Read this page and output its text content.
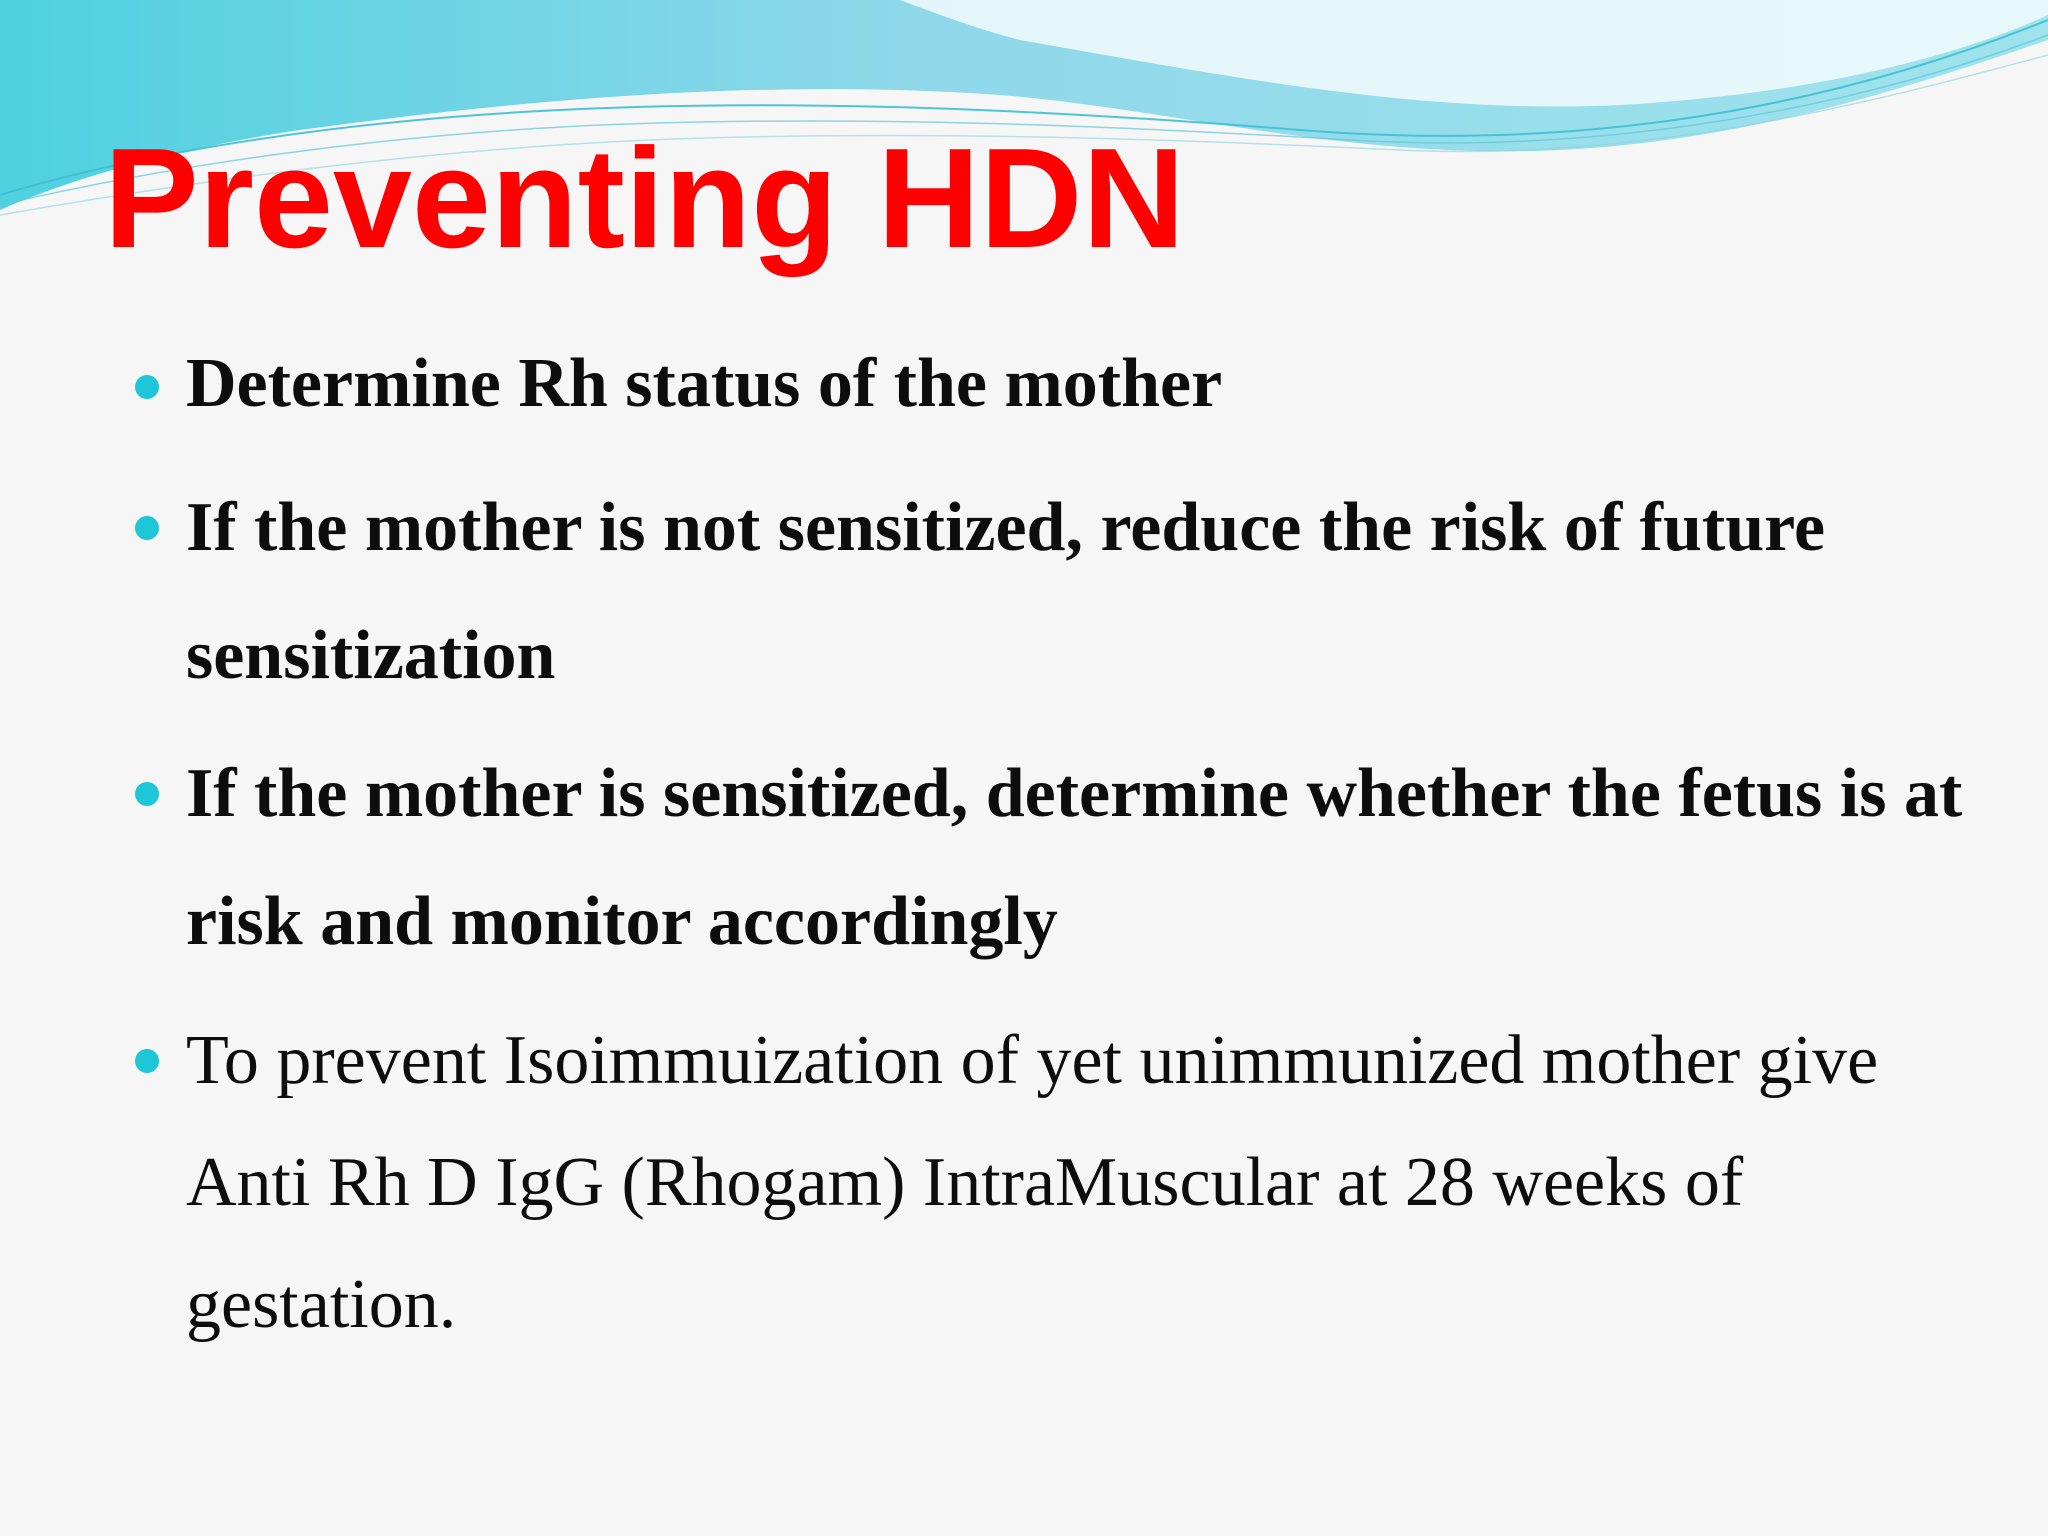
Preventing HDN

Determine Rh status of the mother

If the mother is not sensitized, reduce the risk of future sensitization

If the mother is sensitized, determine whether the fetus is at risk and monitor accordingly

To prevent Isoimmuization of yet unimmunized mother give Anti Rh D IgG (Rhogam) IntraMuscular at 28 weeks of gestation.
